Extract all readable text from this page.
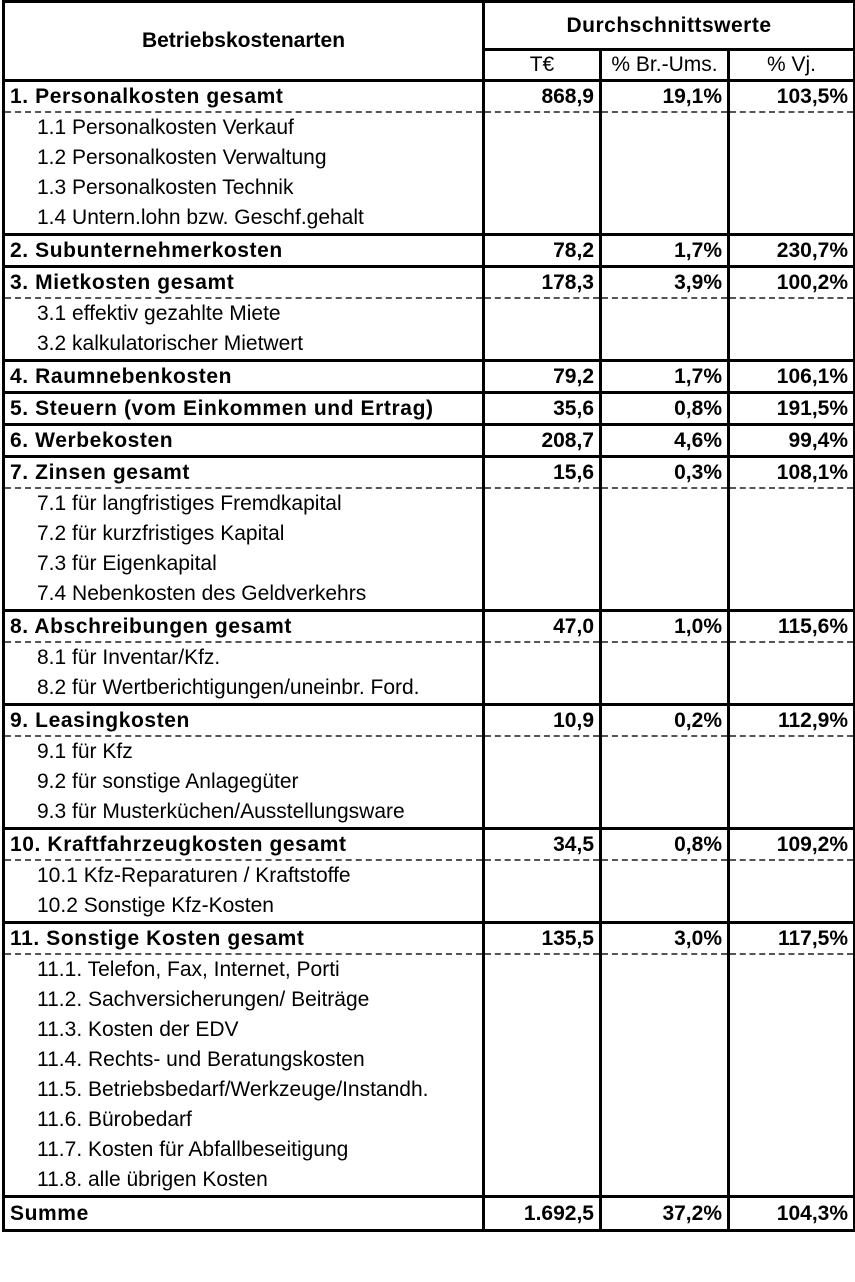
Betriebskostenarten	Durchschnittswerte		
	T€	% Br.-Ums.	% Vj.
1. Personalkosten gesamt	868,9	19,1%	103,5%
1.1 Personalkosten Verkauf			
1.2 Personalkosten Verwaltung			
1.3 Personalkosten Technik			
1.4 Untern.lohn bzw. Geschf.gehalt			
2. Subunternehmerkosten	78,2	1,7%	230,7%
3. Mietkosten gesamt	178,3	3,9%	100,2%
3.1 effektiv gezahlte Miete			
3.2 kalkulatorischer Mietwert			
4. Raumnebenkosten	79,2	1,7%	106,1%
5. Steuern (vom Einkommen und Ertrag)	35,6	0,8%	191,5%
6. Werbekosten	208,7	4,6%	99,4%
7. Zinsen gesamt	15,6	0,3%	108,1%
7.1 für langfristiges Fremdkapital			
7.2 für kurzfristiges Kapital			
7.3 für Eigenkapital			
7.4 Nebenkosten des Geldverkehrs			
8. Abschreibungen gesamt	47,0	1,0%	115,6%
8.1 für Inventar/Kfz.			
8.2 für Wertberichtigungen/uneinbr. Ford.			
9. Leasingkosten	10,9	0,2%	112,9%
9.1 für Kfz			
9.2 für sonstige Anlagegüter			
9.3 für Musterküchen/Ausstellungsware			
10. Kraftfahrzeugkosten gesamt	34,5	0,8%	109,2%
10.1 Kfz-Reparaturen / Kraftstoffe			
10.2 Sonstige Kfz-Kosten			
11. Sonstige Kosten gesamt	135,5	3,0%	117,5%
11.1. Telefon, Fax, Internet, Porti			
11.2. Sachversicherungen/ Beiträge			
11.3. Kosten der EDV			
11.4. Rechts- und Beratungskosten			
11.5. Betriebsbedarf/Werkzeuge/Instandh.			
11.6. Bürobedarf			
11.7. Kosten für Abfallbeseitigung			
11.8. alle übrigen Kosten			
Summe	1.692,5	37,2%	104,3%
